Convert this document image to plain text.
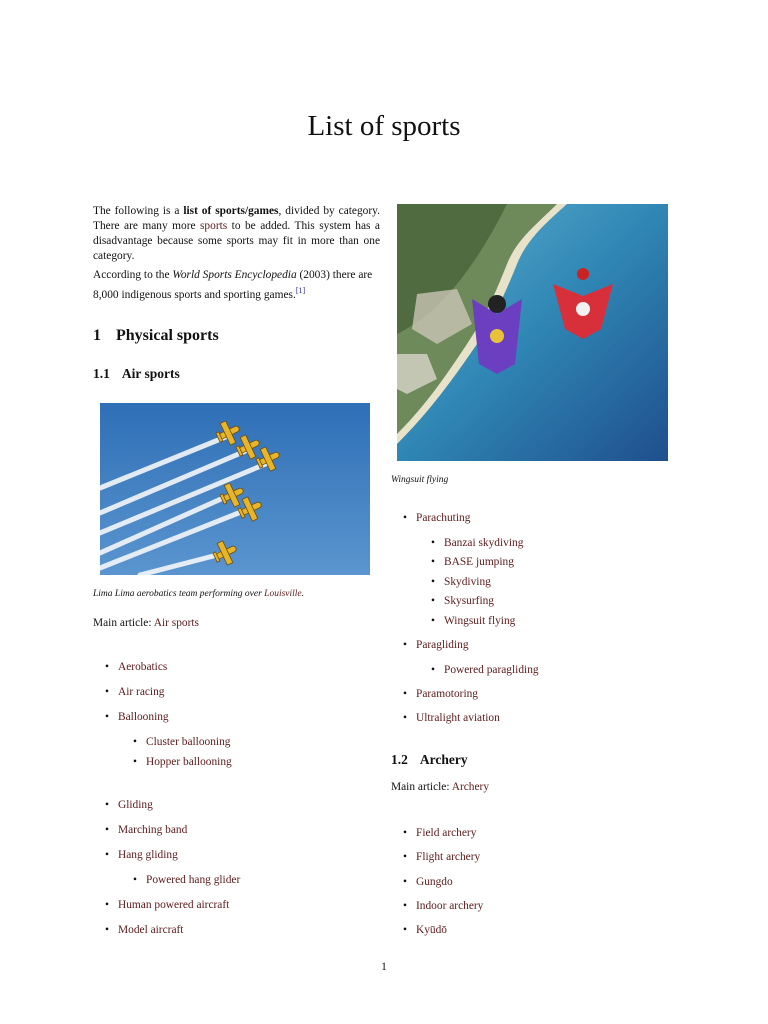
List of sports

The following is a list of sports/games, divided by category. There are many more sports to be added. This system has a disadvantage because some sports may fit in more than one category.

According to the World Sports Encyclopedia (2003) there are 8,000 indigenous sports and sporting games.[1]

1 Physical sports
1.1 Air sports

Lima Lima aerobatics team performing over Louisville.

Main article: Air sports

• Aerobatics
• Air racing
• Ballooning
• Cluster ballooning
• Hopper ballooning
• Gliding
• Marching band
• Hang gliding
• Powered hang glider
• Human powered aircraft
• Model aircraft

Wingsuit flying

• Parachuting
• Banzai skydiving
• BASE jumping
• Skydiving
• Skysurfing
• Wingsuit flying
• Paragliding
• Powered paragliding
• Paramotoring
• Ultralight aviation
1.2 Archery

Main article: Archery

• Field archery
• Flight archery
• Gungdo
• Indoor archery
• Kyūdō
1
